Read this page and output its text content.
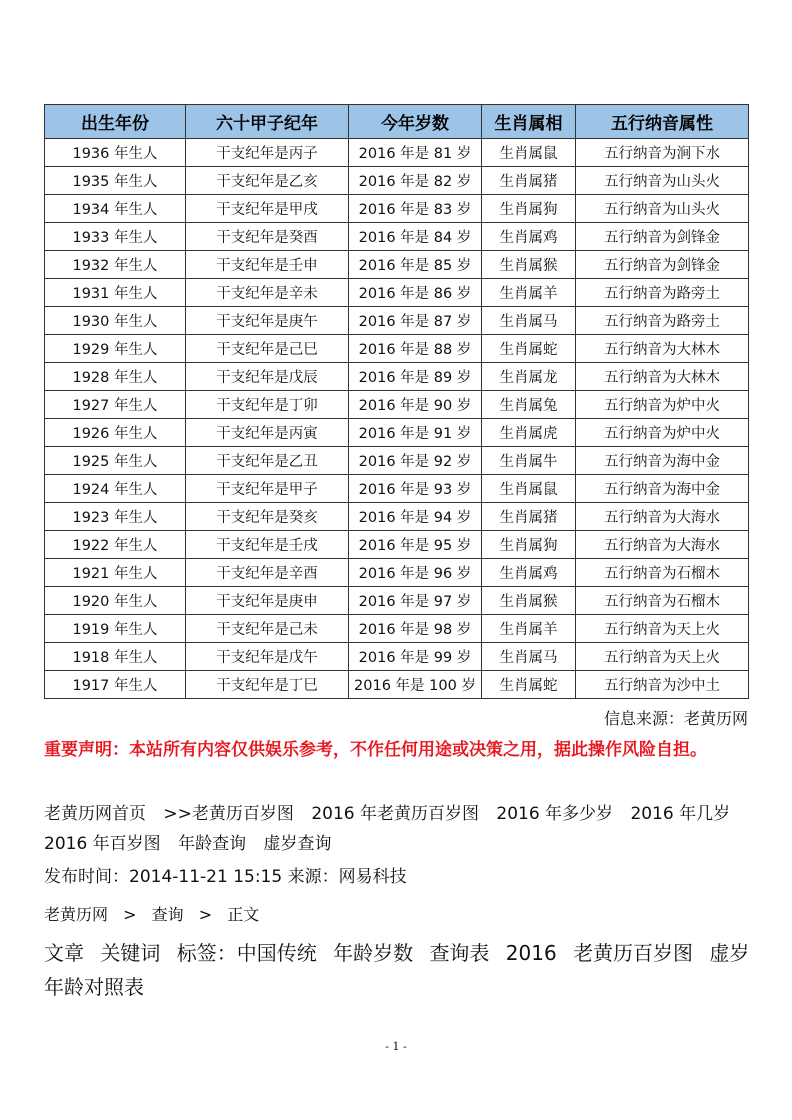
出生年份	六十甲子纪年	今年岁数	生肖属相	五行纳音属性
1936 年生人	干支纪年是丙子	2016 年是 81 岁	生肖属鼠	五行纳音为涧下水
1935 年生人	干支纪年是乙亥	2016 年是 82 岁	生肖属猪	五行纳音为山头火
1934 年生人	干支纪年是甲戌	2016 年是 83 岁	生肖属狗	五行纳音为山头火
1933 年生人	干支纪年是癸酉	2016 年是 84 岁	生肖属鸡	五行纳音为剑锋金
1932 年生人	干支纪年是壬申	2016 年是 85 岁	生肖属猴	五行纳音为剑锋金
1931 年生人	干支纪年是辛未	2016 年是 86 岁	生肖属羊	五行纳音为路旁土
1930 年生人	干支纪年是庚午	2016 年是 87 岁	生肖属马	五行纳音为路旁土
1929 年生人	干支纪年是己巳	2016 年是 88 岁	生肖属蛇	五行纳音为大林木
1928 年生人	干支纪年是戊辰	2016 年是 89 岁	生肖属龙	五行纳音为大林木
1927 年生人	干支纪年是丁卯	2016 年是 90 岁	生肖属兔	五行纳音为炉中火
1926 年生人	干支纪年是丙寅	2016 年是 91 岁	生肖属虎	五行纳音为炉中火
1925 年生人	干支纪年是乙丑	2016 年是 92 岁	生肖属牛	五行纳音为海中金
1924 年生人	干支纪年是甲子	2016 年是 93 岁	生肖属鼠	五行纳音为海中金
1923 年生人	干支纪年是癸亥	2016 年是 94 岁	生肖属猪	五行纳音为大海水
1922 年生人	干支纪年是壬戌	2016 年是 95 岁	生肖属狗	五行纳音为大海水
1921 年生人	干支纪年是辛酉	2016 年是 96 岁	生肖属鸡	五行纳音为石榴木
1920 年生人	干支纪年是庚申	2016 年是 97 岁	生肖属猴	五行纳音为石榴木
1919 年生人	干支纪年是己未	2016 年是 98 岁	生肖属羊	五行纳音为天上火
1918 年生人	干支纪年是戊午	2016 年是 99 岁	生肖属马	五行纳音为天上火
1917 年生人	干支纪年是丁巳	2016 年是 100 岁	生肖属蛇	五行纳音为沙中土
信息来源：老黄历网
重要声明：本站所有内容仅供娱乐参考，不作任何用途或决策之用，据此操作风险自担。
老黄历网首页 >>老黄历百岁图 2016 年老黄历百岁图 2016 年多少岁 2016 年几岁 2016 年百岁图 年龄查询 虚岁查询
发布时间：2014-11-21 15:15 来源：网易科技
老黄历网 > 查询 > 正文
文章 关键词 标签：中国传统 年龄岁数 查询表 2016 老黄历百岁图 虚岁年龄对照表
- 1 -
